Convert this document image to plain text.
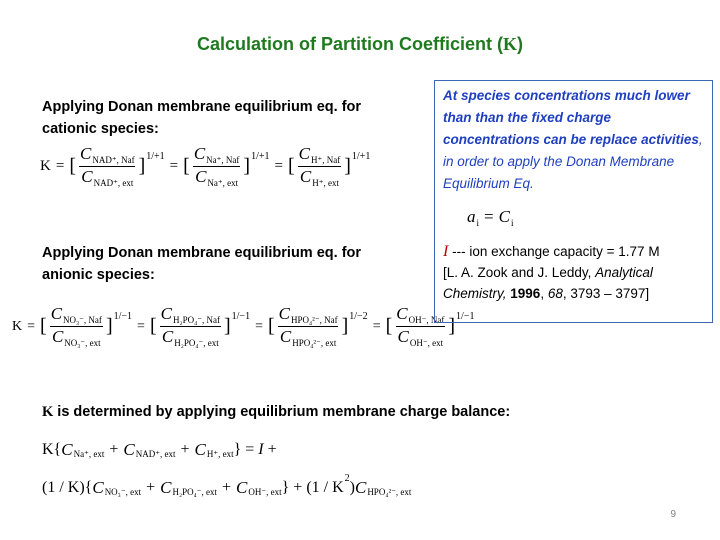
Calculation of Partition Coefficient (K)
Applying Donan membrane equilibrium eq. for cationic species:
K = [ $\frac{C_{NAD^+, Naf}}{C_{NAD^+, ext}}$ ] 1/+1
= [ $\frac{C_{Na^+, Naf}}{C_{Na^+, ext}}$ ] 1/+1
= [ $\frac{C_{H^+, Naf}}{C_{H^+, ext}}$ ] 1/+1
Applying Donan membrane equilibrium eq. for anionic species:
K = [ $\frac{C_{NO_3^-, Naf}}{C_{NO_3^-, ext}}$ ] 1/−1
= [ $\frac{C_{H_2PO_4^-, Naf}}{C_{H_2PO_4^-, ext}}$ ] 1/−1
= [ $\frac{C_{HPO_4^{2-}, Naf}}{C_{HPO_4^{2-}, ext}}$ ] 1/−2
= [ $\frac{C_{OH^-, Naf}}{C_{OH^-, ext}}$ ] 1/−1
K is determined by applying equilibrium membrane charge balance:
K{ C Na⁺, ext + C NAD⁺, ext + C H⁺, ext } = I +
(1 / K){ C NO₃⁻, ext + C H₂PO₄⁻, ext + C OH⁻, ext } + (1 / K
2
) C HPO₄²⁻, ext
At species concentrations much lower than than the fixed charge concentrations can be replace activities, in order to apply the Donan Membrane Equilibrium Eq.
$a_i = C_i$
I --- ion exchange capacity = 1.77 M
[L. A. Zook and J. Leddy, Analytical Chemistry, 1996, 68, 3793 – 3797]
9
